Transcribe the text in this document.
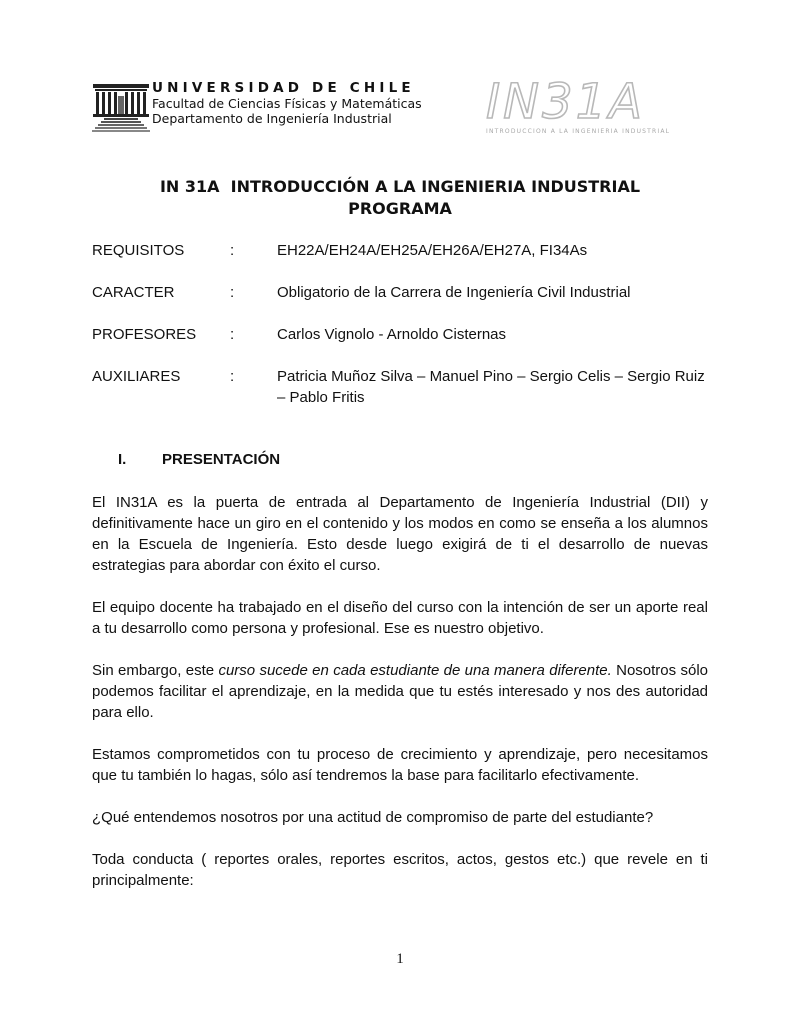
UNIVERSIDAD DE CHILE
Facultad de Ciencias Físicas y Matemáticas
Departamento de Ingeniería Industrial	IN31A
INTRODUCCION A LA INGENIERIA INDUSTRIAL
IN 31A  INTRODUCCIÓN A LA INGENIERIA INDUSTRIAL
PROGRAMA
REQUISITOS	:	EH22A/EH24A/EH25A/EH26A/EH27A, FI34As
CARACTER	:	Obligatorio de la Carrera de Ingeniería Civil Industrial
PROFESORES :	Carlos Vignolo - Arnoldo Cisternas
AUXILIARES	:	Patricia Muñoz Silva – Manuel Pino – Sergio Celis – Sergio Ruiz – Pablo Fritis
I. PRESENTACIÓN

El IN31A es la puerta de entrada al Departamento de Ingeniería Industrial (DII) y definitivamente hace un giro en el contenido y los modos en como se enseña a los alumnos en la Escuela de Ingeniería. Esto desde luego exigirá de ti el desarrollo de nuevas estrategias para abordar con éxito el curso.

El equipo docente ha trabajado en el diseño del curso con la intención de ser un aporte real a tu desarrollo como persona y profesional. Ese es nuestro objetivo.

Sin embargo, este curso sucede en cada estudiante de una manera diferente. Nosotros sólo podemos facilitar el aprendizaje, en la medida que tu estés interesado y nos des autoridad para ello.

Estamos comprometidos con tu proceso de crecimiento y aprendizaje, pero necesitamos que tu también lo hagas, sólo así tendremos la base para facilitarlo efectivamente.

¿Qué entendemos nosotros por una actitud de compromiso de parte del estudiante?

Toda conducta ( reportes orales, reportes escritos, actos, gestos etc.) que revele en ti principalmente:

1
